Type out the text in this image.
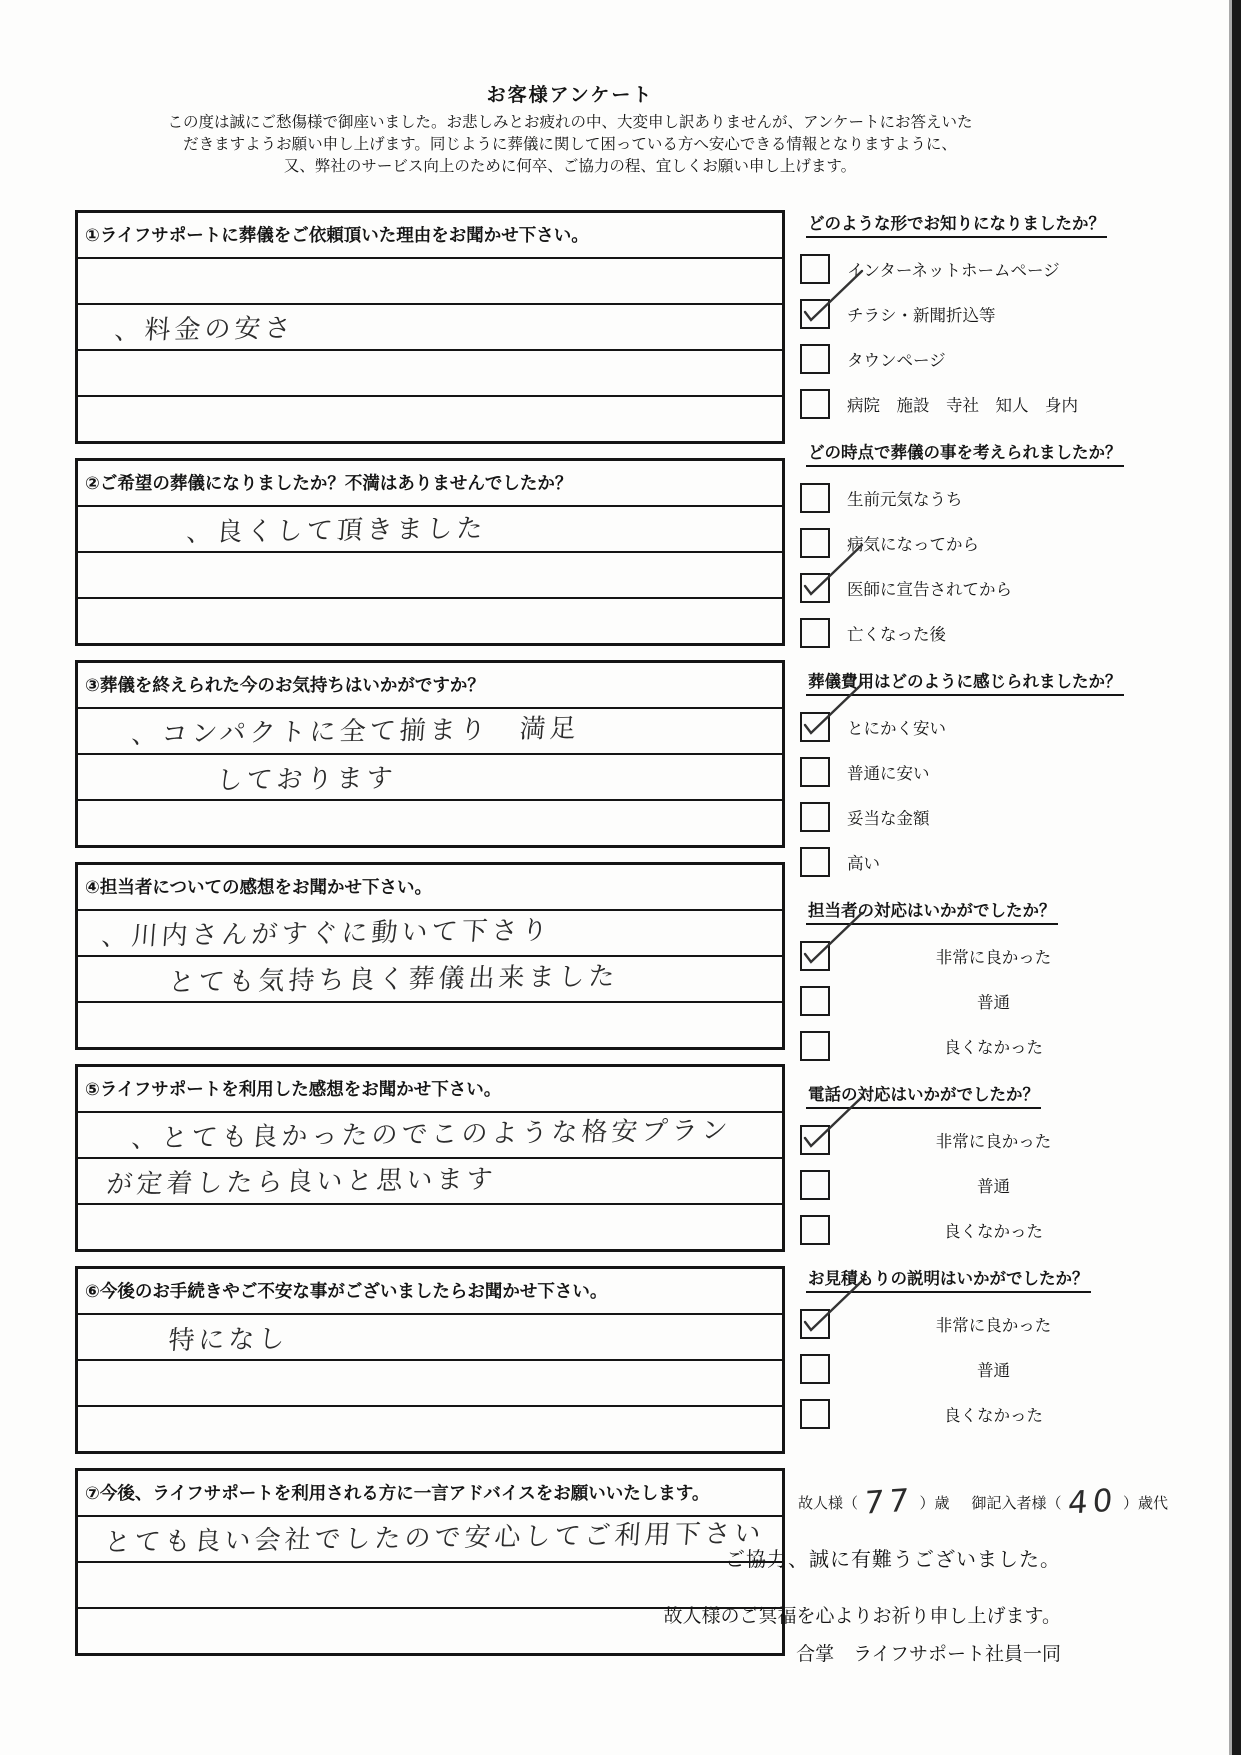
お客様アンケート
この度は誠にご愁傷様で御座いました。お悲しみとお疲れの中、大変申し訳ありませんが、アンケートにお答えいた
だきますようお願い申し上げます。同じように葬儀に関して困っている方へ安心できる情報となりますように、
又、弊社のサービス向上のために何卒、ご協力の程、宜しくお願い申し上げます。
①ライフサポートに葬儀をご依頼頂いた理由をお聞かせ下さい。
、料金の安さ
②ご希望の葬儀になりましたか？不満はありませんでしたか？
、良くして頂きました
③葬儀を終えられた今のお気持ちはいかがですか？
、コンパクトに全て揃まり　満足
しております
④担当者についての感想をお聞かせ下さい。
、川内さんがすぐに動いて下さり
とても気持ち良く葬儀出来ました
⑤ライフサポートを利用した感想をお聞かせ下さい。
、とても良かったのでこのような格安プラン
が定着したら良いと思います
⑥今後のお手続きやご不安な事がございましたらお聞かせ下さい。
特になし
⑦今後、ライフサポートを利用される方に一言アドバイスをお願いいたします。
とても良い会社でしたので安心してご利用下さい
どのような形でお知りになりましたか？
インターネットホームページ
チラシ・新聞折込等
タウンページ
病院　施設　寺社　知人　身内
どの時点で葬儀の事を考えられましたか？
生前元気なうち
病気になってから
医師に宣告されてから
亡くなった後
葬儀費用はどのように感じられましたか？
とにかく安い
普通に安い
妥当な金額
高い
担当者の対応はいかがでしたか？
非常に良かった
普通
良くなかった
電話の対応はいかがでしたか？
非常に良かった
普通
良くなかった
お見積もりの説明はいかがでしたか？
非常に良かった
普通
良くなかった
故人様（ 77 ）歳 御記入者様（ 40 ）歳代
ご協力、誠に有難うございました。
故人様のご冥福を心よりお祈り申し上げます。
合掌　ライフサポート社員一同
